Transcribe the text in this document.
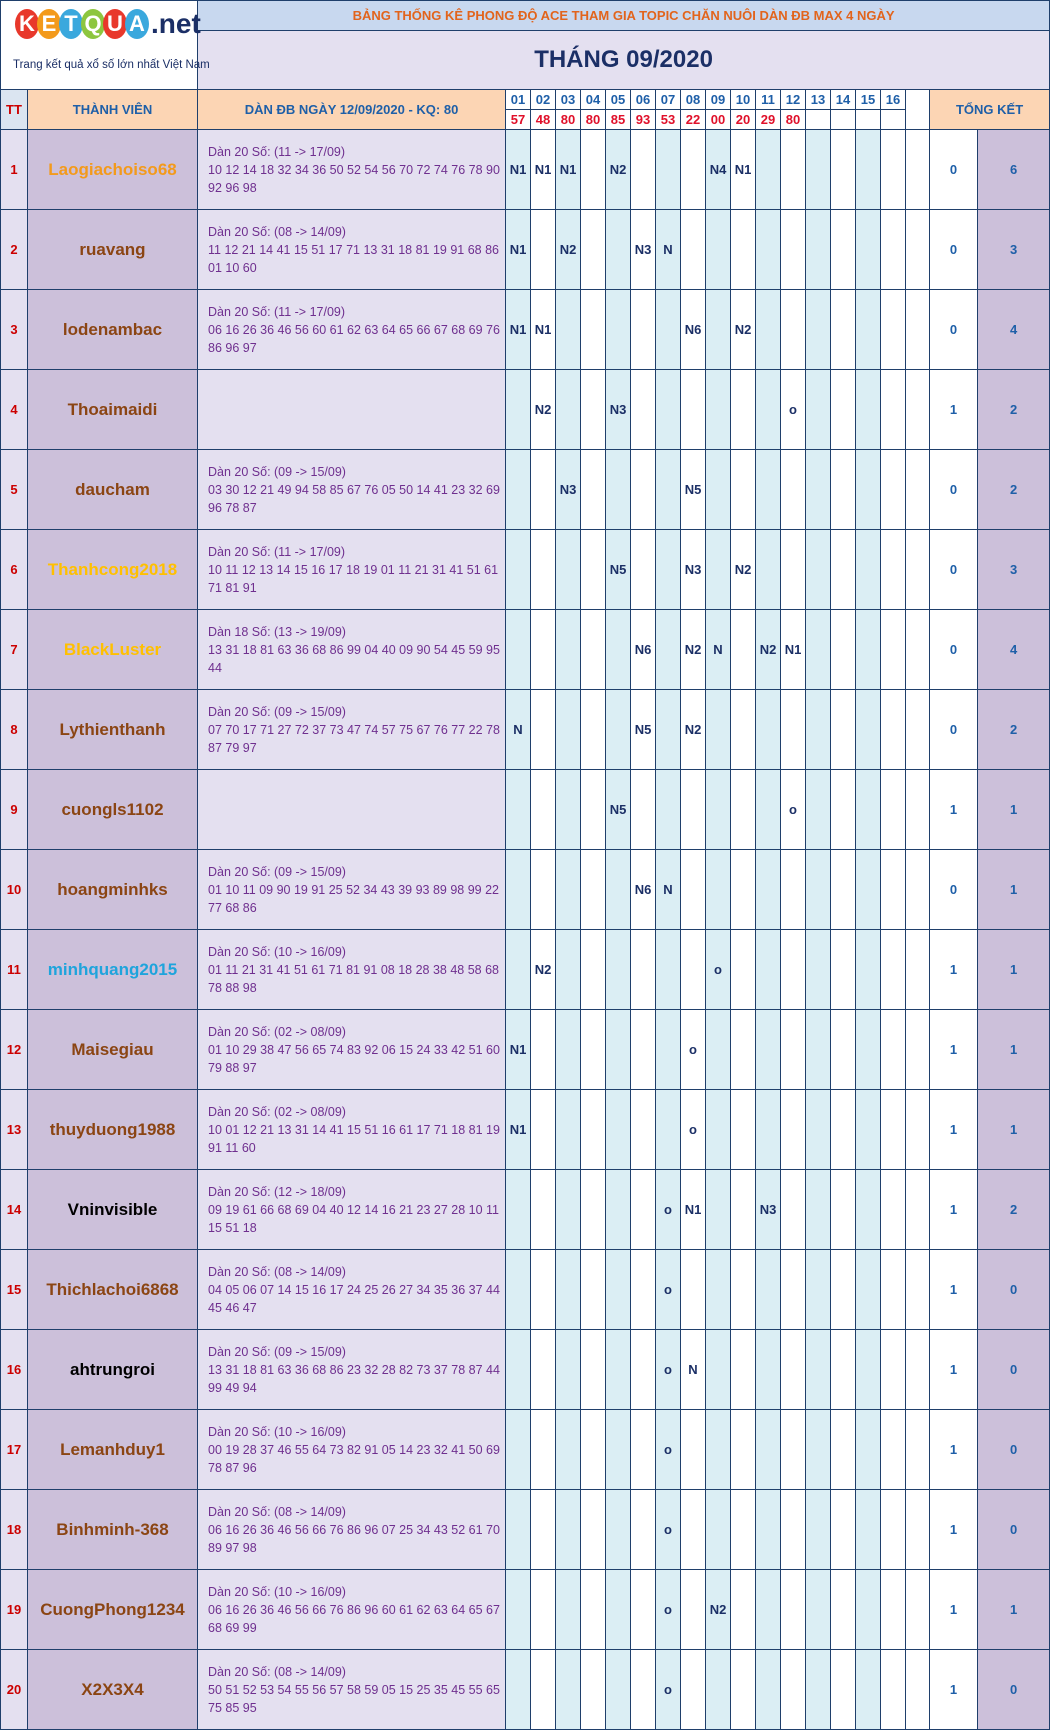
K E T Q U A .net
Trang kết quả xổ số lớn nhất Việt Nam		BẢNG THỐNG KÊ PHONG ĐỘ ACE THAM GIA TOPIC CHĂN NUÔI DÀN ĐB MAX 4 NGÀY																			
		THÁNG 09/2020																			
TT	THÀNH VIÊN	DÀN ĐB NGÀY 12/09/2020 - KQ: 80	01	02	03	04	05	06	07	08	09	10	11	12	13	14	15	16		TỔNG KẾT	
			57	48	80	80	85	93	53	22	00	20	29	80							
1	Laogiachoiso68	Dàn 20 Số: (11 -> 17/09)
10 12 14 18 32 34 36 50 52 54 56 70 72 74 76 78 90
92 96 98	N1	N1	N1		N2				N4	N1								0	6
2	ruavang	Dàn 20 Số: (08 -> 14/09)
11 12 21 14 41 15 51 17 71 13 31 18 81 19 91 68 86
01 10 60	N1		N2			N3	N											0	3
3	lodenambac	Dàn 20 Số: (11 -> 17/09)
06 16 26 36 46 56 60 61 62 63 64 65 66 67 68 69 76
86 96 97	N1	N1						N6		N2								0	4
4	Thoaimaidi			N2			N3							o						1	2
5	daucham	Dàn 20 Số: (09 -> 15/09)
03 30 12 21 49 94 58 85 67 76 05 50 14 41 23 32 69
96 78 87			N3					N5										0	2
6	Thanhcong2018	Dàn 20 Số: (11 -> 17/09)
10 11 12 13 14 15 16 17 18 19 01 11 21 31 41 51 61
71 81 91					N5			N3		N2								0	3
7	BlackLuster	Dàn 18 Số: (13 -> 19/09)
13 31 18 81 63 36 68 86 99 04 40 09 90 54 45 59 95
44						N6		N2	N		N2	N1						0	4
8	Lythienthanh	Dàn 20 Số: (09 -> 15/09)
07 70 17 71 27 72 37 73 47 74 57 75 67 76 77 22 78
87 79 97	N					N5		N2										0	2
9	cuongls1102						N5							o						1	1
10	hoangminhks	Dàn 20 Số: (09 -> 15/09)
01 10 11 09 90 19 91 25 52 34 43 39 93 89 98 99 22
77 68 86						N6	N											0	1
11	minhquang2015	Dàn 20 Số: (10 -> 16/09)
01 11 21 31 41 51 61 71 81 91 08 18 28 38 48 58 68
78 88 98		N2							o									1	1
12	Maisegiau	Dàn 20 Số: (02 -> 08/09)
01 10 29 38 47 56 65 74 83 92 06 15 24 33 42 51 60
79 88 97	N1							o										1	1
13	thuyduong1988	Dàn 20 Số: (02 -> 08/09)
10 01 12 21 13 31 14 41 15 51 16 61 17 71 18 81 19
91 11 60	N1							o										1	1
14	Vninvisible	Dàn 20 Số: (12 -> 18/09)
09 19 61 66 68 69 04 40 12 14 16 21 23 27 28 10 11
15 51 18							o	N1			N3							1	2
15	Thichlachoi6868	Dàn 20 Số: (08 -> 14/09)
04 05 06 07 14 15 16 17 24 25 26 27 34 35 36 37 44
45 46 47							o											1	0
16	ahtrungroi	Dàn 20 Số: (09 -> 15/09)
13 31 18 81 63 36 68 86 23 32 28 82 73 37 78 87 44
99 49 94							o	N										1	0
17	Lemanhduy1	Dàn 20 Số: (10 -> 16/09)
00 19 28 37 46 55 64 73 82 91 05 14 23 32 41 50 69
78 87 96							o											1	0
18	Binhminh-368	Dàn 20 Số: (08 -> 14/09)
06 16 26 36 46 56 66 76 86 96 07 25 34 43 52 61 70
89 97 98							o											1	0
19	CuongPhong1234	Dàn 20 Số: (10 -> 16/09)
06 16 26 36 46 56 66 76 86 96 60 61 62 63 64 65 67
68 69 99							o		N2									1	1
20	X2X3X4	Dàn 20 Số: (08 -> 14/09)
50 51 52 53 54 55 56 57 58 59 05 15 25 35 45 55 65
75 85 95							o											1	0
